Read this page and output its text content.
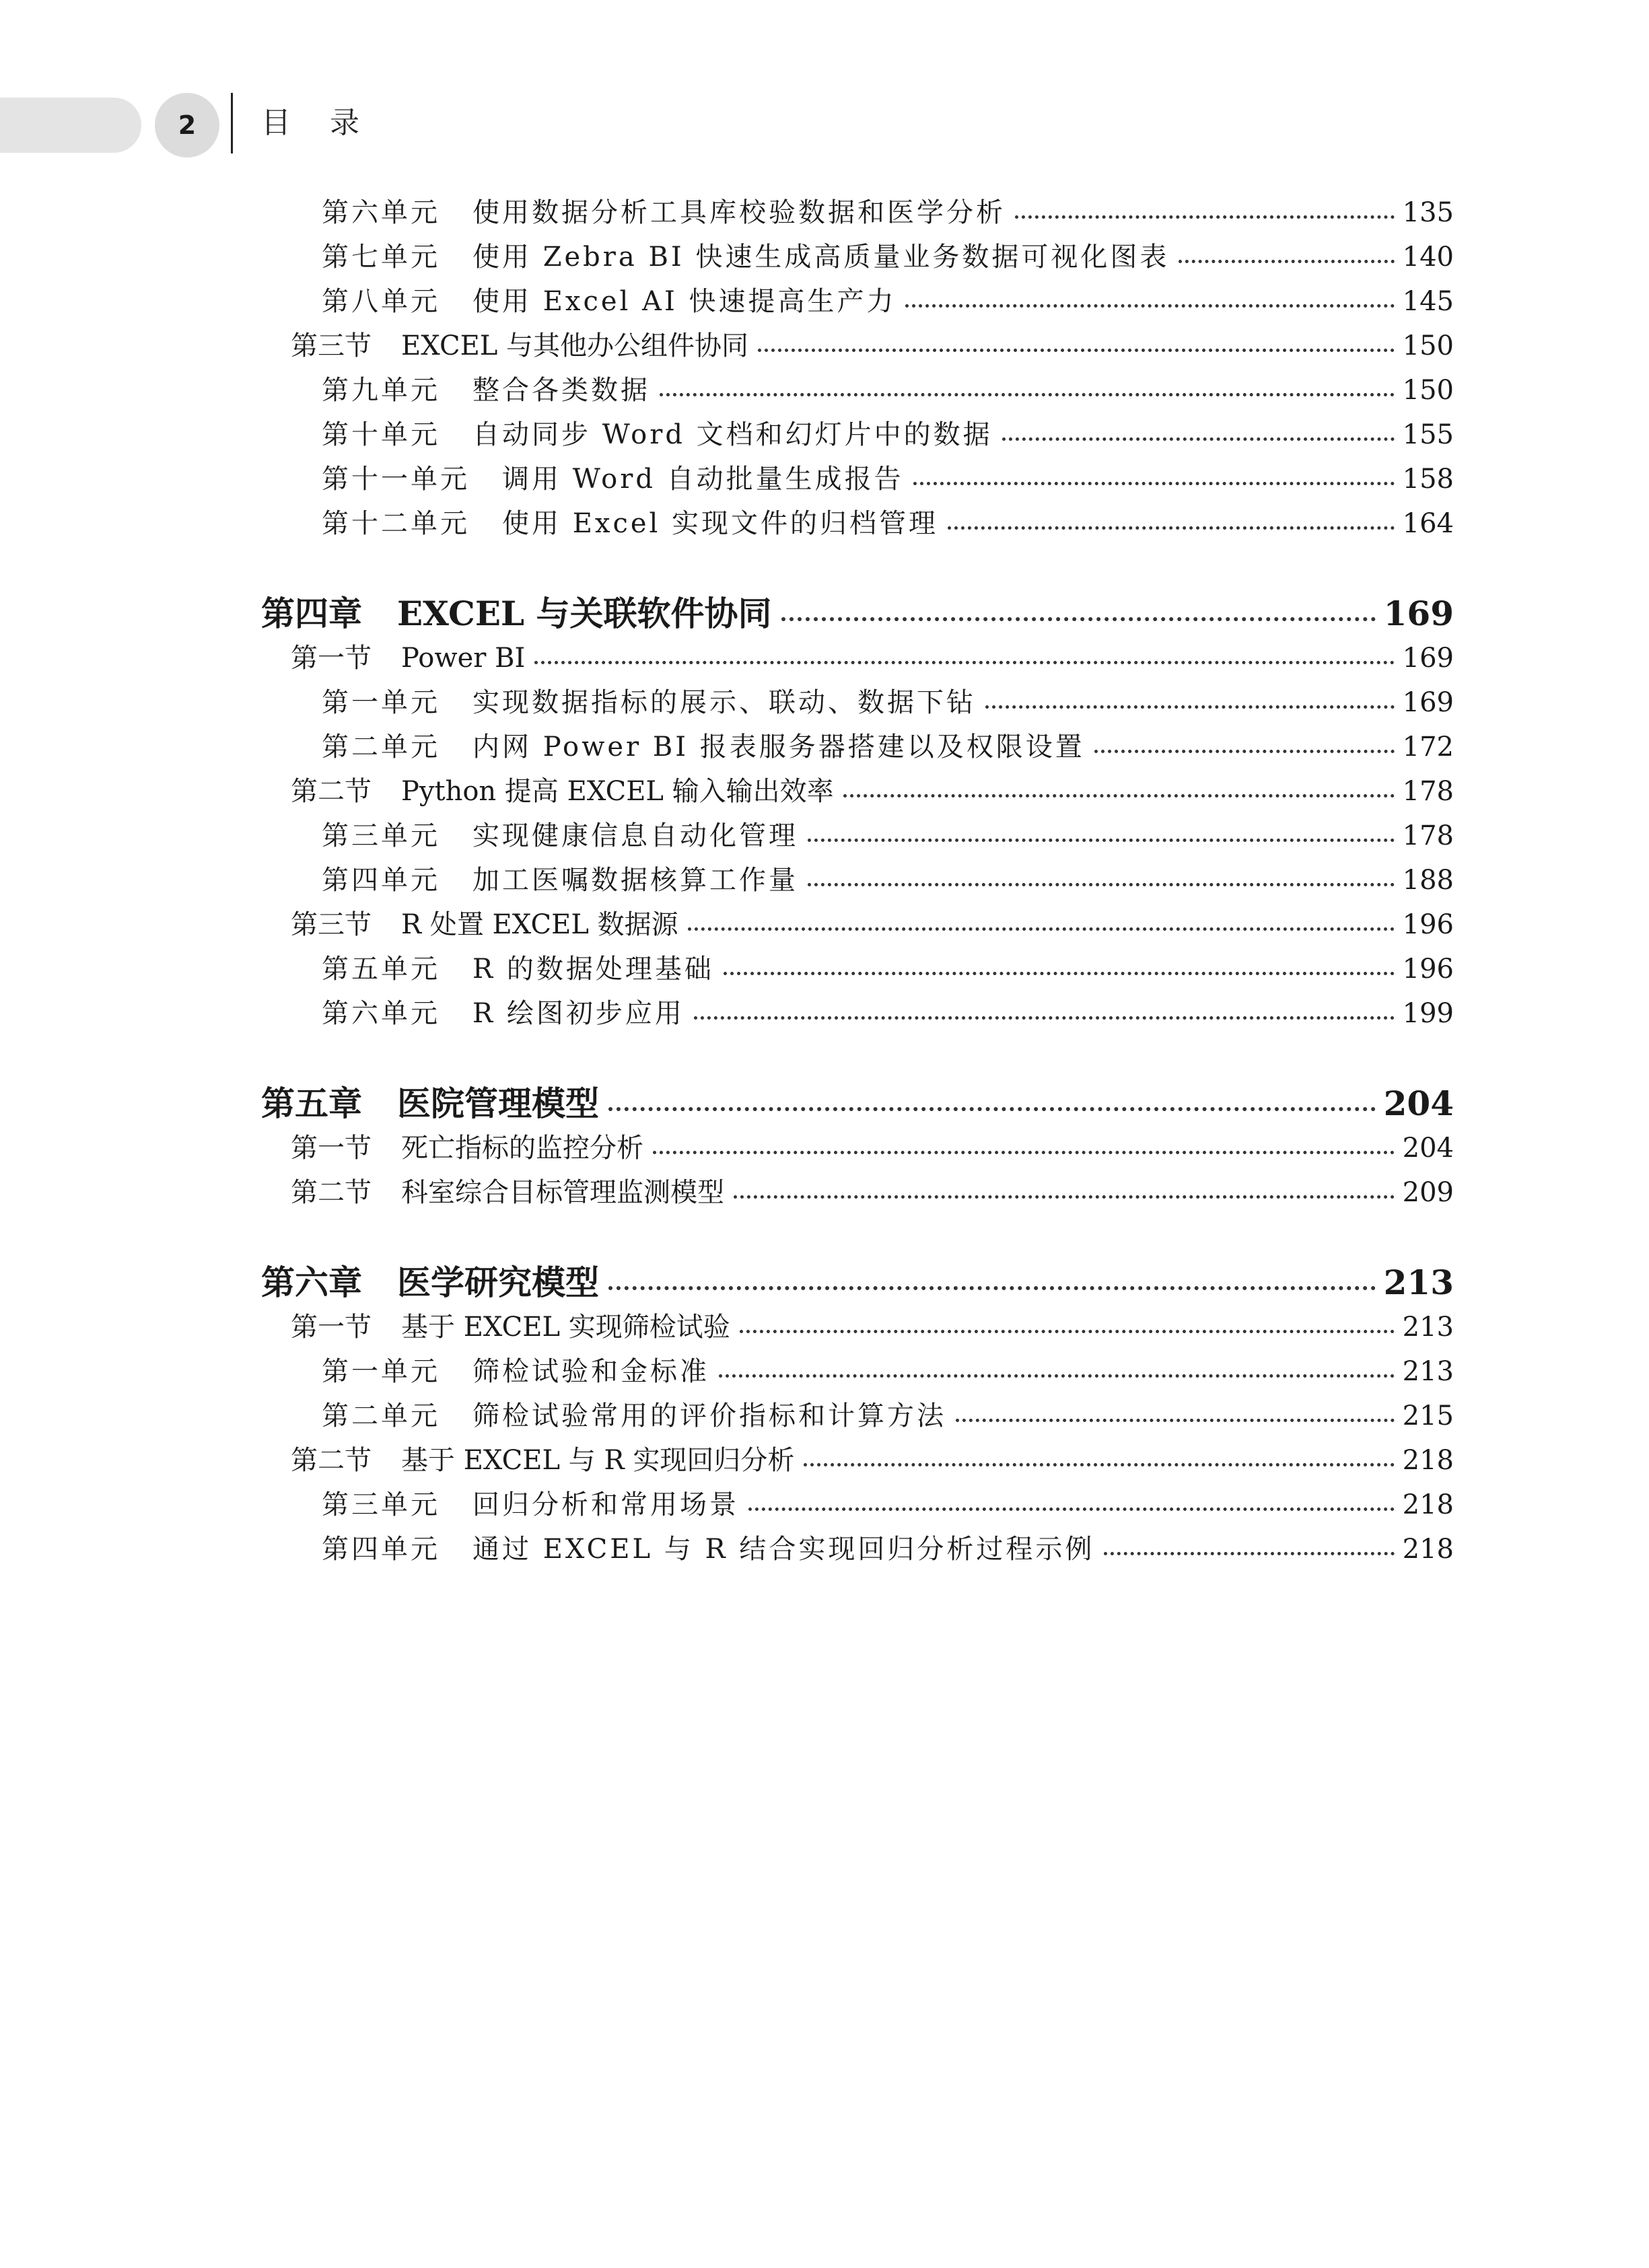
2 目 录
第六单元 使用数据分析工具库校验数据和医学分析	135
第七单元 使用 Zebra BI 快速生成高质量业务数据可视化图表	140
第八单元 使用 Excel AI 快速提高生产力	145
第三节 EXCEL 与其他办公组件协同	150
第九单元 整合各类数据	150
第十单元 自动同步 Word 文档和幻灯片中的数据	155
第十一单元 调用 Word 自动批量生成报告	158
第十二单元 使用 Excel 实现文件的归档管理	164
第四章 EXCEL 与关联软件协同	169
第一节 Power BI	169
第一单元 实现数据指标的展示、联动、数据下钻	169
第二单元 内网 Power BI 报表服务器搭建以及权限设置	172
第二节 Python 提高 EXCEL 输入输出效率	178
第三单元 实现健康信息自动化管理	178
第四单元 加工医嘱数据核算工作量	188
第三节 R 处置 EXCEL 数据源	196
第五单元 R 的数据处理基础	196
第六单元 R 绘图初步应用	199
第五章 医院管理模型	204
第一节 死亡指标的监控分析	204
第二节 科室综合目标管理监测模型	209
第六章 医学研究模型	213
第一节 基于 EXCEL 实现筛检试验	213
第一单元 筛检试验和金标准	213
第二单元 筛检试验常用的评价指标和计算方法	215
第二节 基于 EXCEL 与 R 实现回归分析	218
第三单元 回归分析和常用场景	218
第四单元 通过 EXCEL 与 R 结合实现回归分析过程示例	218
